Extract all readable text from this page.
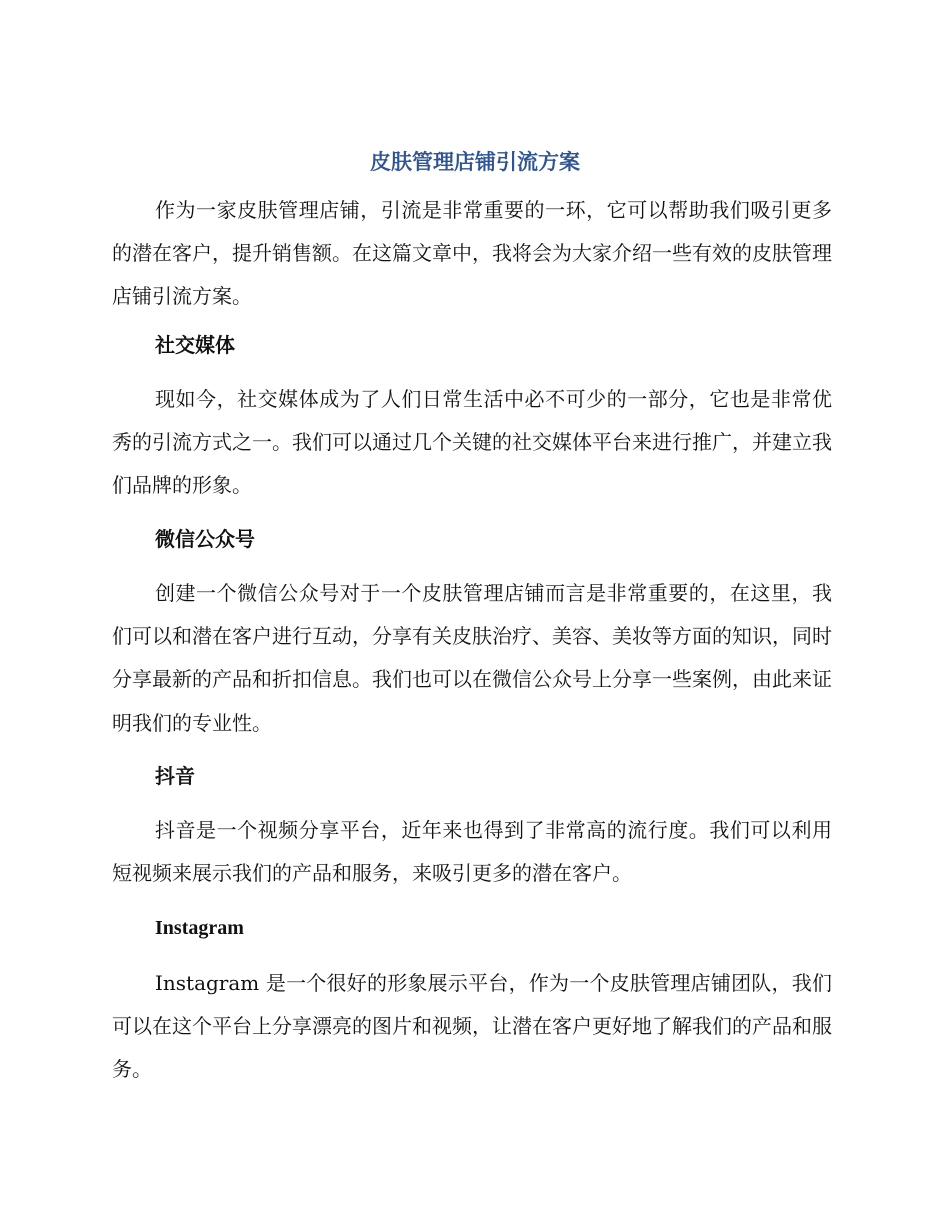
皮肤管理店铺引流方案

作为一家皮肤管理店铺，引流是非常重要的一环，它可以帮助我们吸引更多的潜在客户，提升销售额。在这篇文章中，我将会为大家介绍一些有效的皮肤管理店铺引流方案。

社交媒体

现如今，社交媒体成为了人们日常生活中必不可少的一部分，它也是非常优秀的引流方式之一。我们可以通过几个关键的社交媒体平台来进行推广，并建立我们品牌的形象。

微信公众号

创建一个微信公众号对于一个皮肤管理店铺而言是非常重要的，在这里，我们可以和潜在客户进行互动，分享有关皮肤治疗、美容、美妆等方面的知识，同时分享最新的产品和折扣信息。我们也可以在微信公众号上分享一些案例，由此来证明我们的专业性。

抖音

抖音是一个视频分享平台，近年来也得到了非常高的流行度。我们可以利用短视频来展示我们的产品和服务，来吸引更多的潜在客户。

Instagram

Instagram 是一个很好的形象展示平台，作为一个皮肤管理店铺团队，我们可以在这个平台上分享漂亮的图片和视频，让潜在客户更好地了解我们的产品和服务。
